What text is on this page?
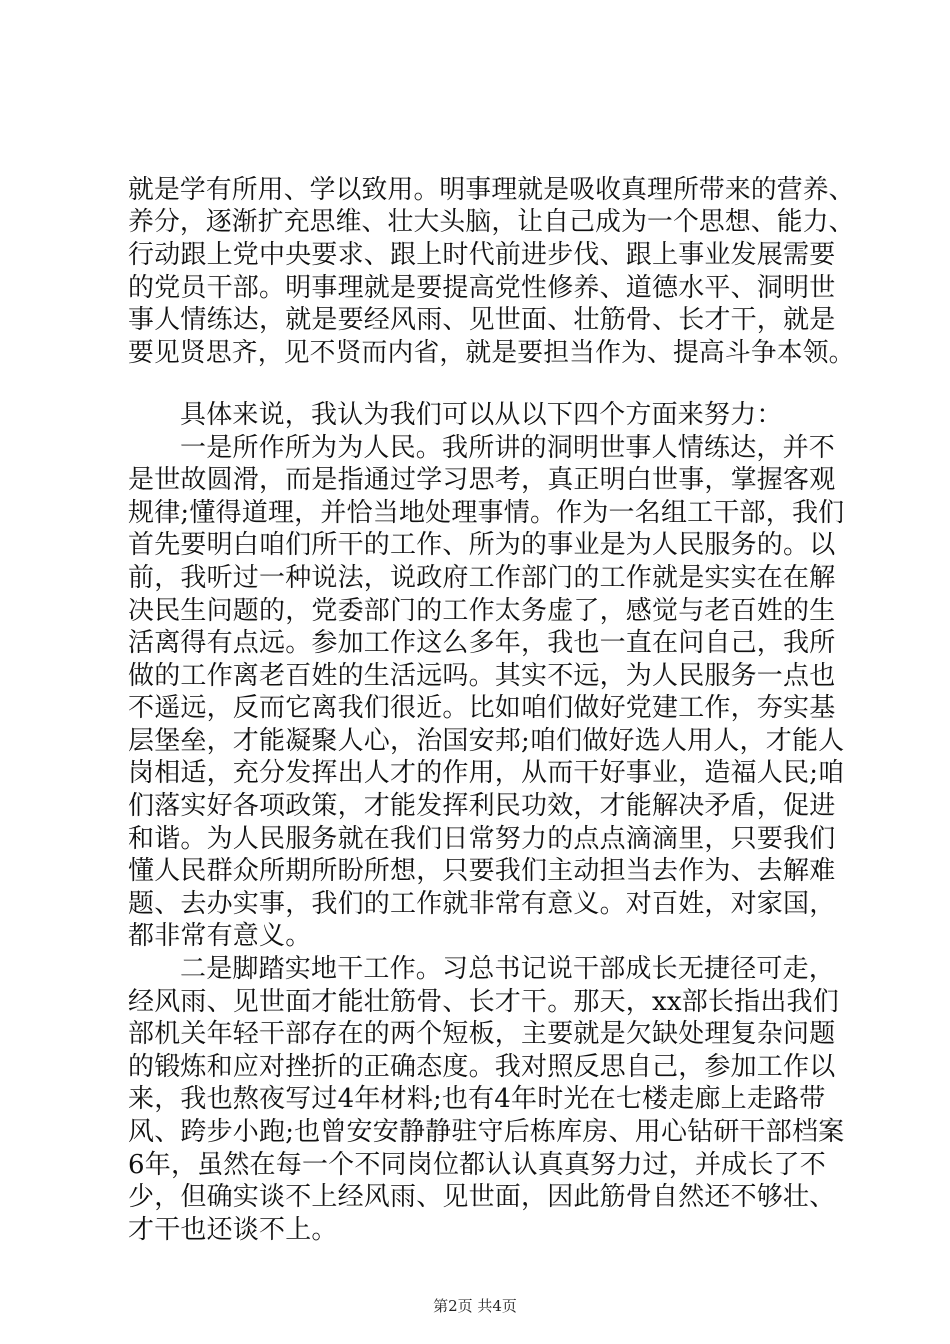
就是学有所用、学以致用。明事理就是吸收真理所带来的营养、
养分，逐渐扩充思维、壮大头脑，让自己成为一个思想、能力、
行动跟上党中央要求、跟上时代前进步伐、跟上事业发展需要
的党员干部。明事理就是要提高党性修养、道德水平、洞明世
事人情练达，就是要经风雨、见世面、壮筋骨、长才干，就是
要见贤思齐，见不贤而内省，就是要担当作为、提高斗争本领。
具体来说，我认为我们可以从以下四个方面来努力：
一是所作所为为人民。我所讲的洞明世事人情练达，并不
是世故圆滑，而是指通过学习思考，真正明白世事，掌握客观
规律;懂得道理，并恰当地处理事情。作为一名组工干部，我们
首先要明白咱们所干的工作、所为的事业是为人民服务的。以
前，我听过一种说法，说政府工作部门的工作就是实实在在解
决民生问题的，党委部门的工作太务虚了，感觉与老百姓的生
活离得有点远。参加工作这么多年，我也一直在问自己，我所
做的工作离老百姓的生活远吗。其实不远，为人民服务一点也
不遥远，反而它离我们很近。比如咱们做好党建工作，夯实基
层堡垒，才能凝聚人心，治国安邦;咱们做好选人用人，才能人
岗相适，充分发挥出人才的作用，从而干好事业，造福人民;咱
们落实好各项政策，才能发挥利民功效，才能解决矛盾，促进
和谐。为人民服务就在我们日常努力的点点滴滴里，只要我们
懂人民群众所期所盼所想，只要我们主动担当去作为、去解难
题、去办实事，我们的工作就非常有意义。对百姓，对家国，
都非常有意义。
二是脚踏实地干工作。习总书记说干部成长无捷径可走，
经风雨、见世面才能壮筋骨、长才干。那天，xx部长指出我们
部机关年轻干部存在的两个短板，主要就是欠缺处理复杂问题
的锻炼和应对挫折的正确态度。我对照反思自己，参加工作以
来，我也熬夜写过4年材料;也有4年时光在七楼走廊上走路带
风、跨步小跑;也曾安安静静驻守后栋库房、用心钻研干部档案
6年，虽然在每一个不同岗位都认认真真努力过，并成长了不
少，但确实谈不上经风雨、见世面，因此筋骨自然还不够壮、
才干也还谈不上。
第2页 共4页
